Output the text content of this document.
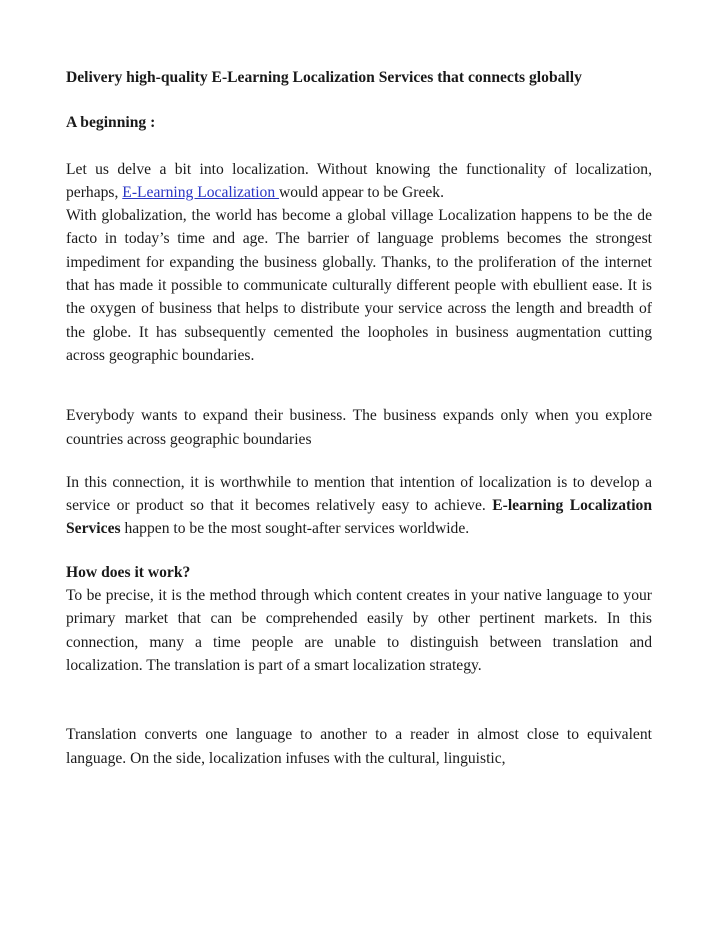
Delivery high-quality E-Learning Localization Services that connects globally

A beginning :

Let us delve a bit into localization. Without knowing the functionality of localization, perhaps, E-Learning Localization would appear to be Greek.

With globalization, the world has become a global village Localization happens to be the de facto in today’s time and age. The barrier of language problems becomes the strongest impediment for expanding the business globally. Thanks, to the proliferation of the internet that has made it possible to communicate culturally different people with ebullient ease. It is the oxygen of business that helps to distribute your service across the length and breadth of the globe. It has subsequently cemented the loopholes in business augmentation cutting across geographic boundaries.

Everybody wants to expand their business. The business expands only when you explore countries across geographic boundaries

In this connection, it is worthwhile to mention that intention of localization is to develop a service or product so that it becomes relatively easy to achieve. E-learning Localization Services happen to be the most sought-after services worldwide.

How does it work?

To be precise, it is the method through which content creates in your native language to your primary market that can be comprehended easily by other pertinent markets. In this connection, many a time people are unable to distinguish between translation and localization. The translation is part of a smart localization strategy.

Translation converts one language to another to a reader in almost close to equivalent language. On the side, localization infuses with the cultural, linguistic,
